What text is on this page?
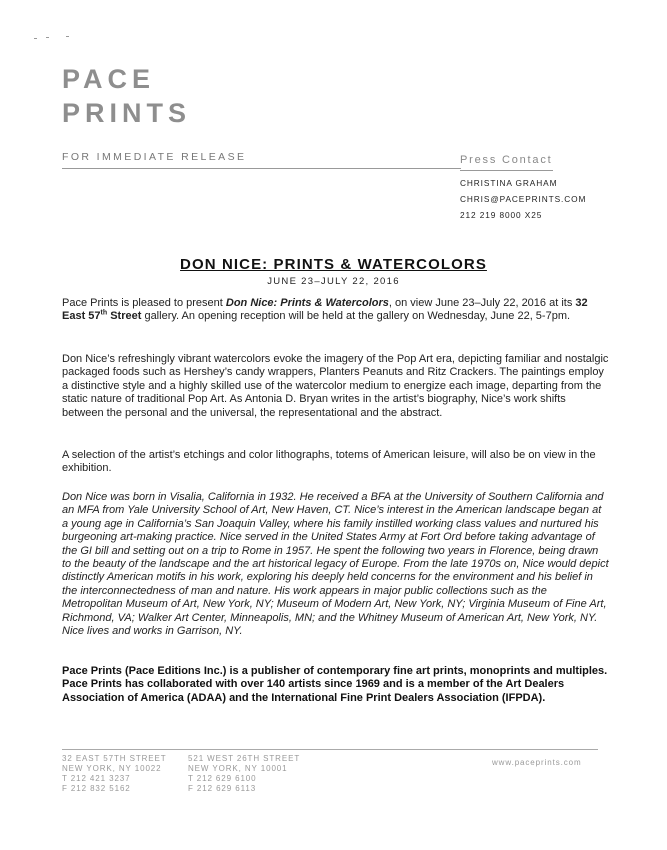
PACE
PRINTS
FOR IMMEDIATE RELEASE	Press Contact
CHRISTINA GRAHAM
CHRIS@PACEPRINTS.COM
212 219 8000 X25
DON NICE: PRINTS & WATERCOLORS
JUNE 23–JULY 22, 2016
Pace Prints is pleased to present Don Nice: Prints & Watercolors, on view June 23–July 22, 2016 at its 32 East 57th Street gallery. An opening reception will be held at the gallery on Wednesday, June 22, 5-7pm.
Don Nice’s refreshingly vibrant watercolors evoke the imagery of the Pop Art era, depicting familiar and nostalgic packaged foods such as Hershey’s candy wrappers, Planters Peanuts and Ritz Crackers. The paintings employ a distinctive style and a highly skilled use of the watercolor medium to energize each image, departing from the static nature of traditional Pop Art. As Antonia D. Bryan writes in the artist’s biography, Nice’s work shifts between the personal and the universal, the representational and the abstract.
A selection of the artist’s etchings and color lithographs, totems of American leisure, will also be on view in the exhibition.
Don Nice was born in Visalia, California in 1932. He received a BFA at the University of Southern California and an MFA from Yale University School of Art, New Haven, CT. Nice’s interest in the American landscape began at a young age in California’s San Joaquin Valley, where his family instilled working class values and nurtured his burgeoning art-making practice. Nice served in the United States Army at Fort Ord before taking advantage of the GI bill and setting out on a trip to Rome in 1957. He spent the following two years in Florence, being drawn to the beauty of the landscape and the art historical legacy of Europe. From the late 1970s on, Nice would depict distinctly American motifs in his work, exploring his deeply held concerns for the environment and his belief in the interconnectedness of man and nature. His work appears in major public collections such as the Metropolitan Museum of Art, New York, NY; Museum of Modern Art, New York, NY; Virginia Museum of Fine Art, Richmond, VA; Walker Art Center, Minneapolis, MN; and the Whitney Museum of American Art, New York, NY. Nice lives and works in Garrison, NY.
Pace Prints (Pace Editions Inc.) is a publisher of contemporary fine art prints, monoprints and multiples. Pace Prints has collaborated with over 140 artists since 1969 and is a member of the Art Dealers Association of America (ADAA) and the International Fine Print Dealers Association (IFPDA).
32 EAST 57TH STREET
NEW YORK, NY 10022
T 212 421 3237
F 212 832 5162
521 WEST 26TH STREET
NEW YORK, NY 10001
T 212 629 6100
F 212 629 6113
www.paceprints.com
